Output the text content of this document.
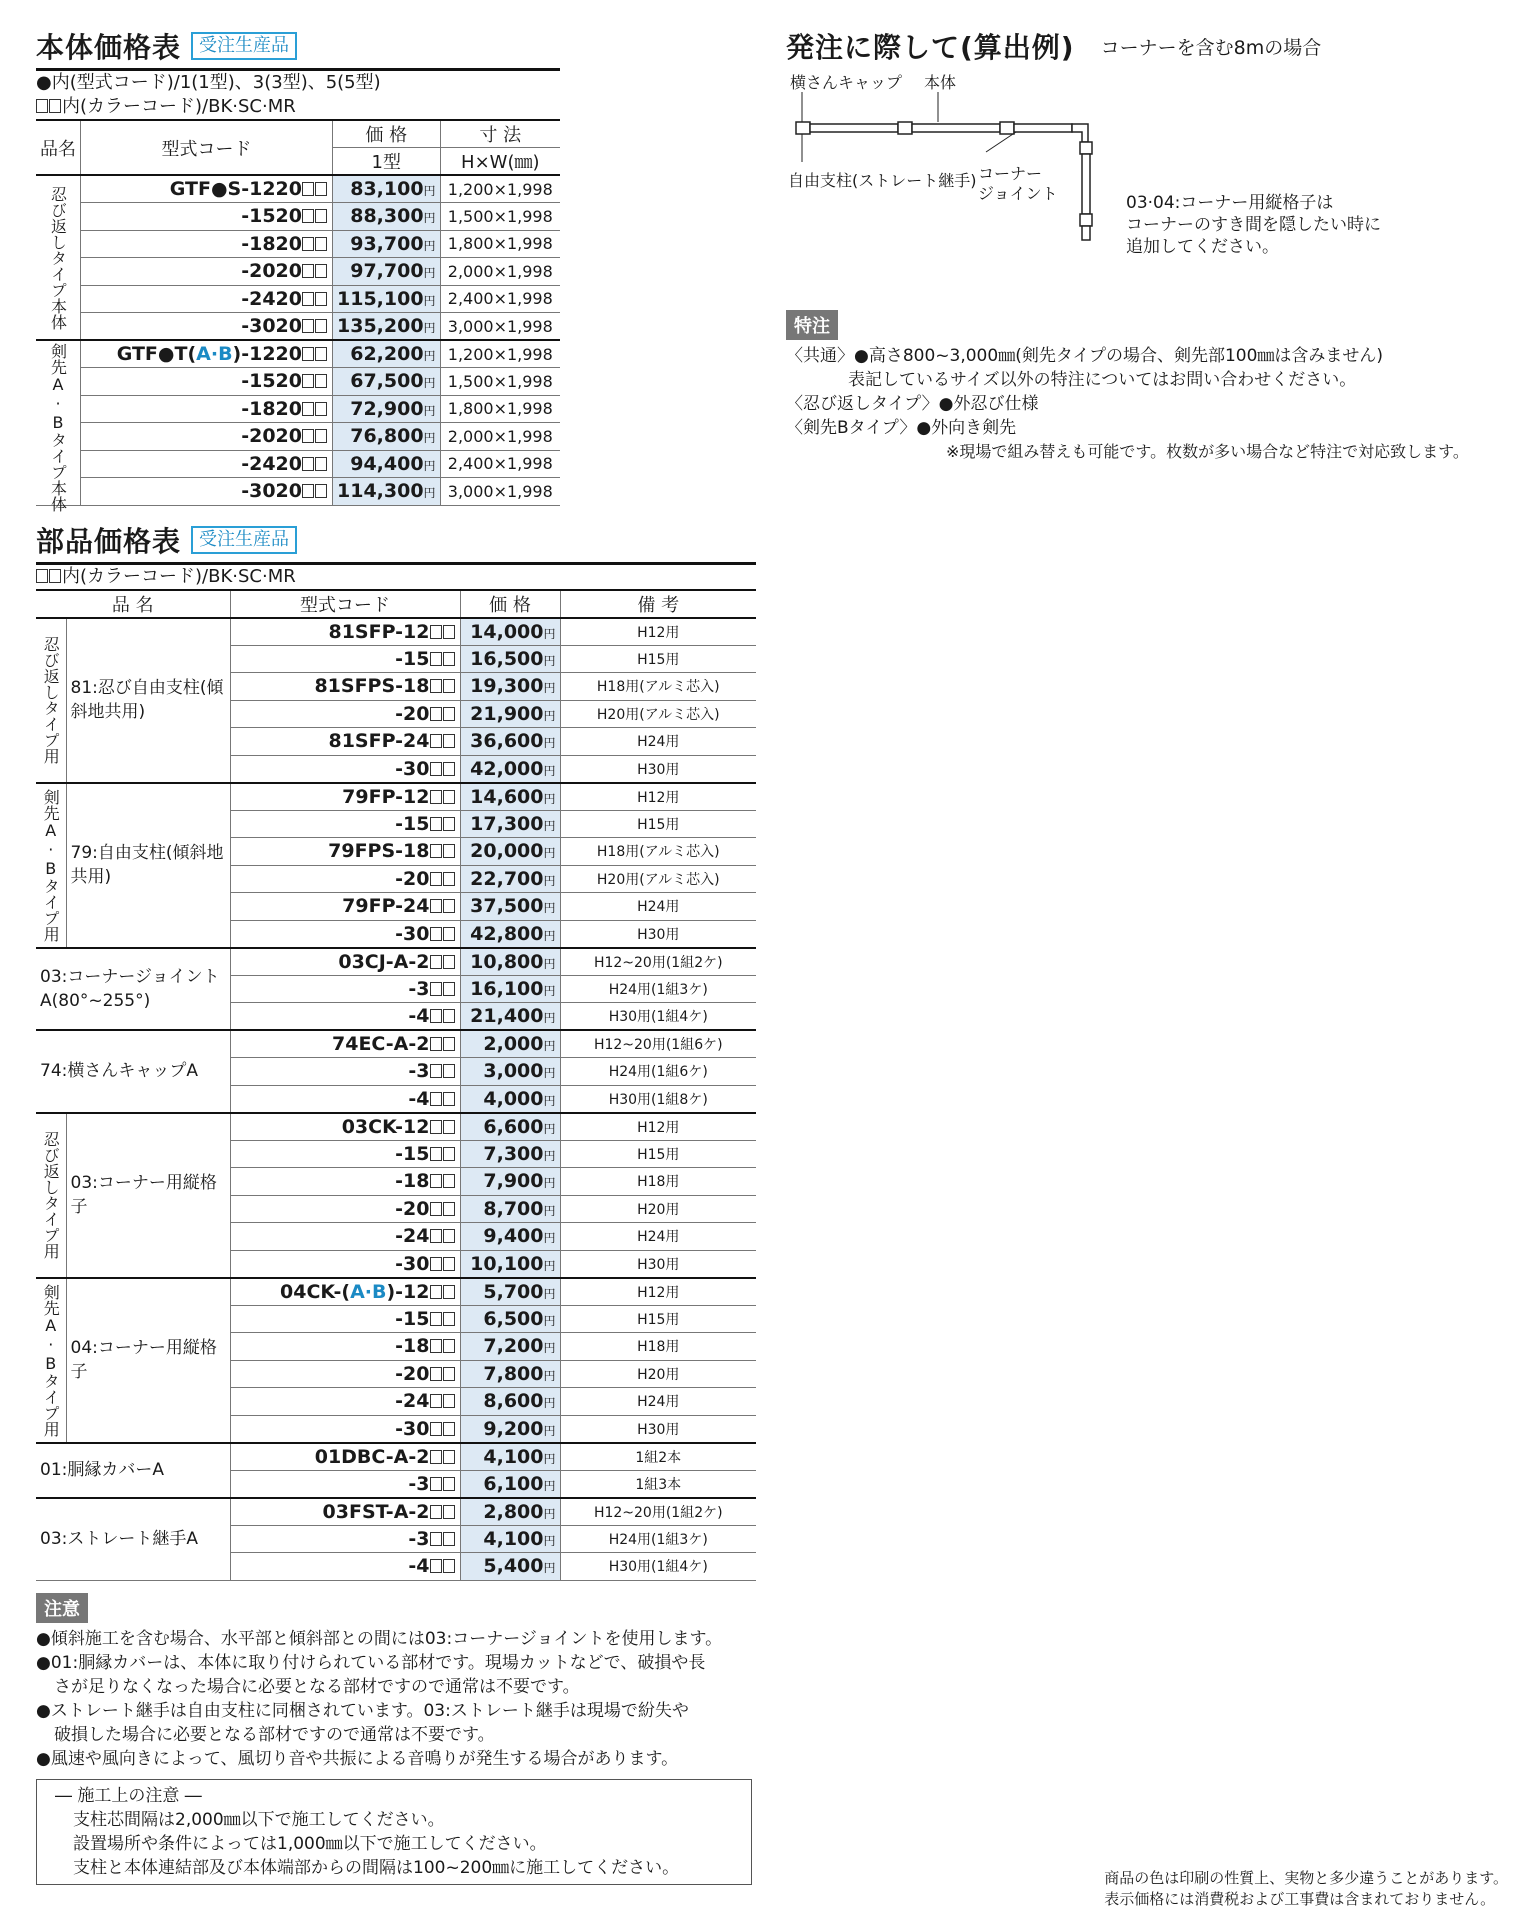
本体価格表	受注生産品
●内(型式コード)/1(1型)、3(3型)、5(5型)
内(カラーコード)/BK·SC·MR
品名	型式コード	価 格	寸 法
		1型	H×W(㎜)
忍び返しタイプ本体	GTF●S-1220	83,100円	1,200×1,998
	-1520	88,300円	1,500×1,998
	-1820	93,700円	1,800×1,998
	-2020	97,700円	2,000×1,998
	-2420	115,100円	2,400×1,998
	-3020	135,200円	3,000×1,998
剣先A·Bタイプ本体	GTF●T(A·B)-1220	62,200円	1,200×1,998
	-1520	67,500円	1,500×1,998
	-1820	72,900円	1,800×1,998
	-2020	76,800円	2,000×1,998
	-2420	94,400円	2,400×1,998
	-3020	114,300円	3,000×1,998
部品価格表	受注生産品
内(カラーコード)/BK·SC·MR
品 名		型式コード	価 格	備 考
忍び返しタイプ用	81:忍び自由支柱(傾斜地共用)	81SFP-12	14,000円	H12用
		-15	16,500円	H15用
		81SFPS-18	19,300円	H18用(アルミ芯入)
		-20	21,900円	H20用(アルミ芯入)
		81SFP-24	36,600円	H24用
		-30	42,000円	H30用
剣先A·Bタイプ用	79:自由支柱(傾斜地共用)	79FP-12	14,600円	H12用
		-15	17,300円	H15用
		79FPS-18	20,000円	H18用(アルミ芯入)
		-20	22,700円	H20用(アルミ芯入)
		79FP-24	37,500円	H24用
		-30	42,800円	H30用
03:コーナージョイントA(80°~255°)		03CJ-A-2	10,800円	H12~20用(1組2ケ)
		-3	16,100円	H24用(1組3ケ)
		-4	21,400円	H30用(1組4ケ)
74:横さんキャップA		74EC-A-2	2,000円	H12~20用(1組6ケ)
		-3	3,000円	H24用(1組6ケ)
		-4	4,000円	H30用(1組8ケ)
忍び返しタイプ用	03:コーナー用縦格子	03CK-12	6,600円	H12用
		-15	7,300円	H15用
		-18	7,900円	H18用
		-20	8,700円	H20用
		-24	9,400円	H24用
		-30	10,100円	H30用
剣先A·Bタイプ用	04:コーナー用縦格子	04CK-(A·B)-12	5,700円	H12用
		-15	6,500円	H15用
		-18	7,200円	H18用
		-20	7,800円	H20用
		-24	8,600円	H24用
		-30	9,200円	H30用
01:胴縁カバーA		01DBC-A-2	4,100円	1組2本
		-3	6,100円	1組3本
03:ストレート継手A		03FST-A-2	2,800円	H12~20用(1組2ケ)
		-3	4,100円	H24用(1組3ケ)
		-4	5,400円	H30用(1組4ケ)
注意
●傾斜施工を含む場合、水平部と傾斜部との間には03:コーナージョイントを使用します。
●01:胴縁カバーは、本体に取り付けられている部材です。現場カットなどで、破損や長
さが足りなくなった場合に必要となる部材ですので通常は不要です。
●ストレート継手は自由支柱に同梱されています。03:ストレート継手は現場で紛失や
破損した場合に必要となる部材ですので通常は不要です。
●風速や風向きによって、風切り音や共振による音鳴りが発生する場合があります。
― 施工上の注意 ―
支柱芯間隔は2,000㎜以下で施工してください。
設置場所や条件によっては1,000㎜以下で施工してください。
支柱と本体連結部及び本体端部からの間隔は100~200㎜に施工してください。
発注に際して(算出例) コーナーを含む8mの場合
横さんキャップ 本体
自由支柱(ストレート継手) コーナー
ジョイント	03·04:コーナー用縦格子は
コーナーのすき間を隠したい時に
追加してください。
特注
〈共通〉●高さ800~3,000㎜(剣先タイプの場合、剣先部100㎜は含みません)
表記しているサイズ以外の特注についてはお問い合わせください。
〈忍び返しタイプ〉●外忍び仕様
〈剣先Bタイプ〉●外向き剣先
※現場で組み替えも可能です。枚数が多い場合など特注で対応致します。
商品の色は印刷の性質上、実物と多少違うことがあります。
表示価格には消費税および工事費は含まれておりません。
